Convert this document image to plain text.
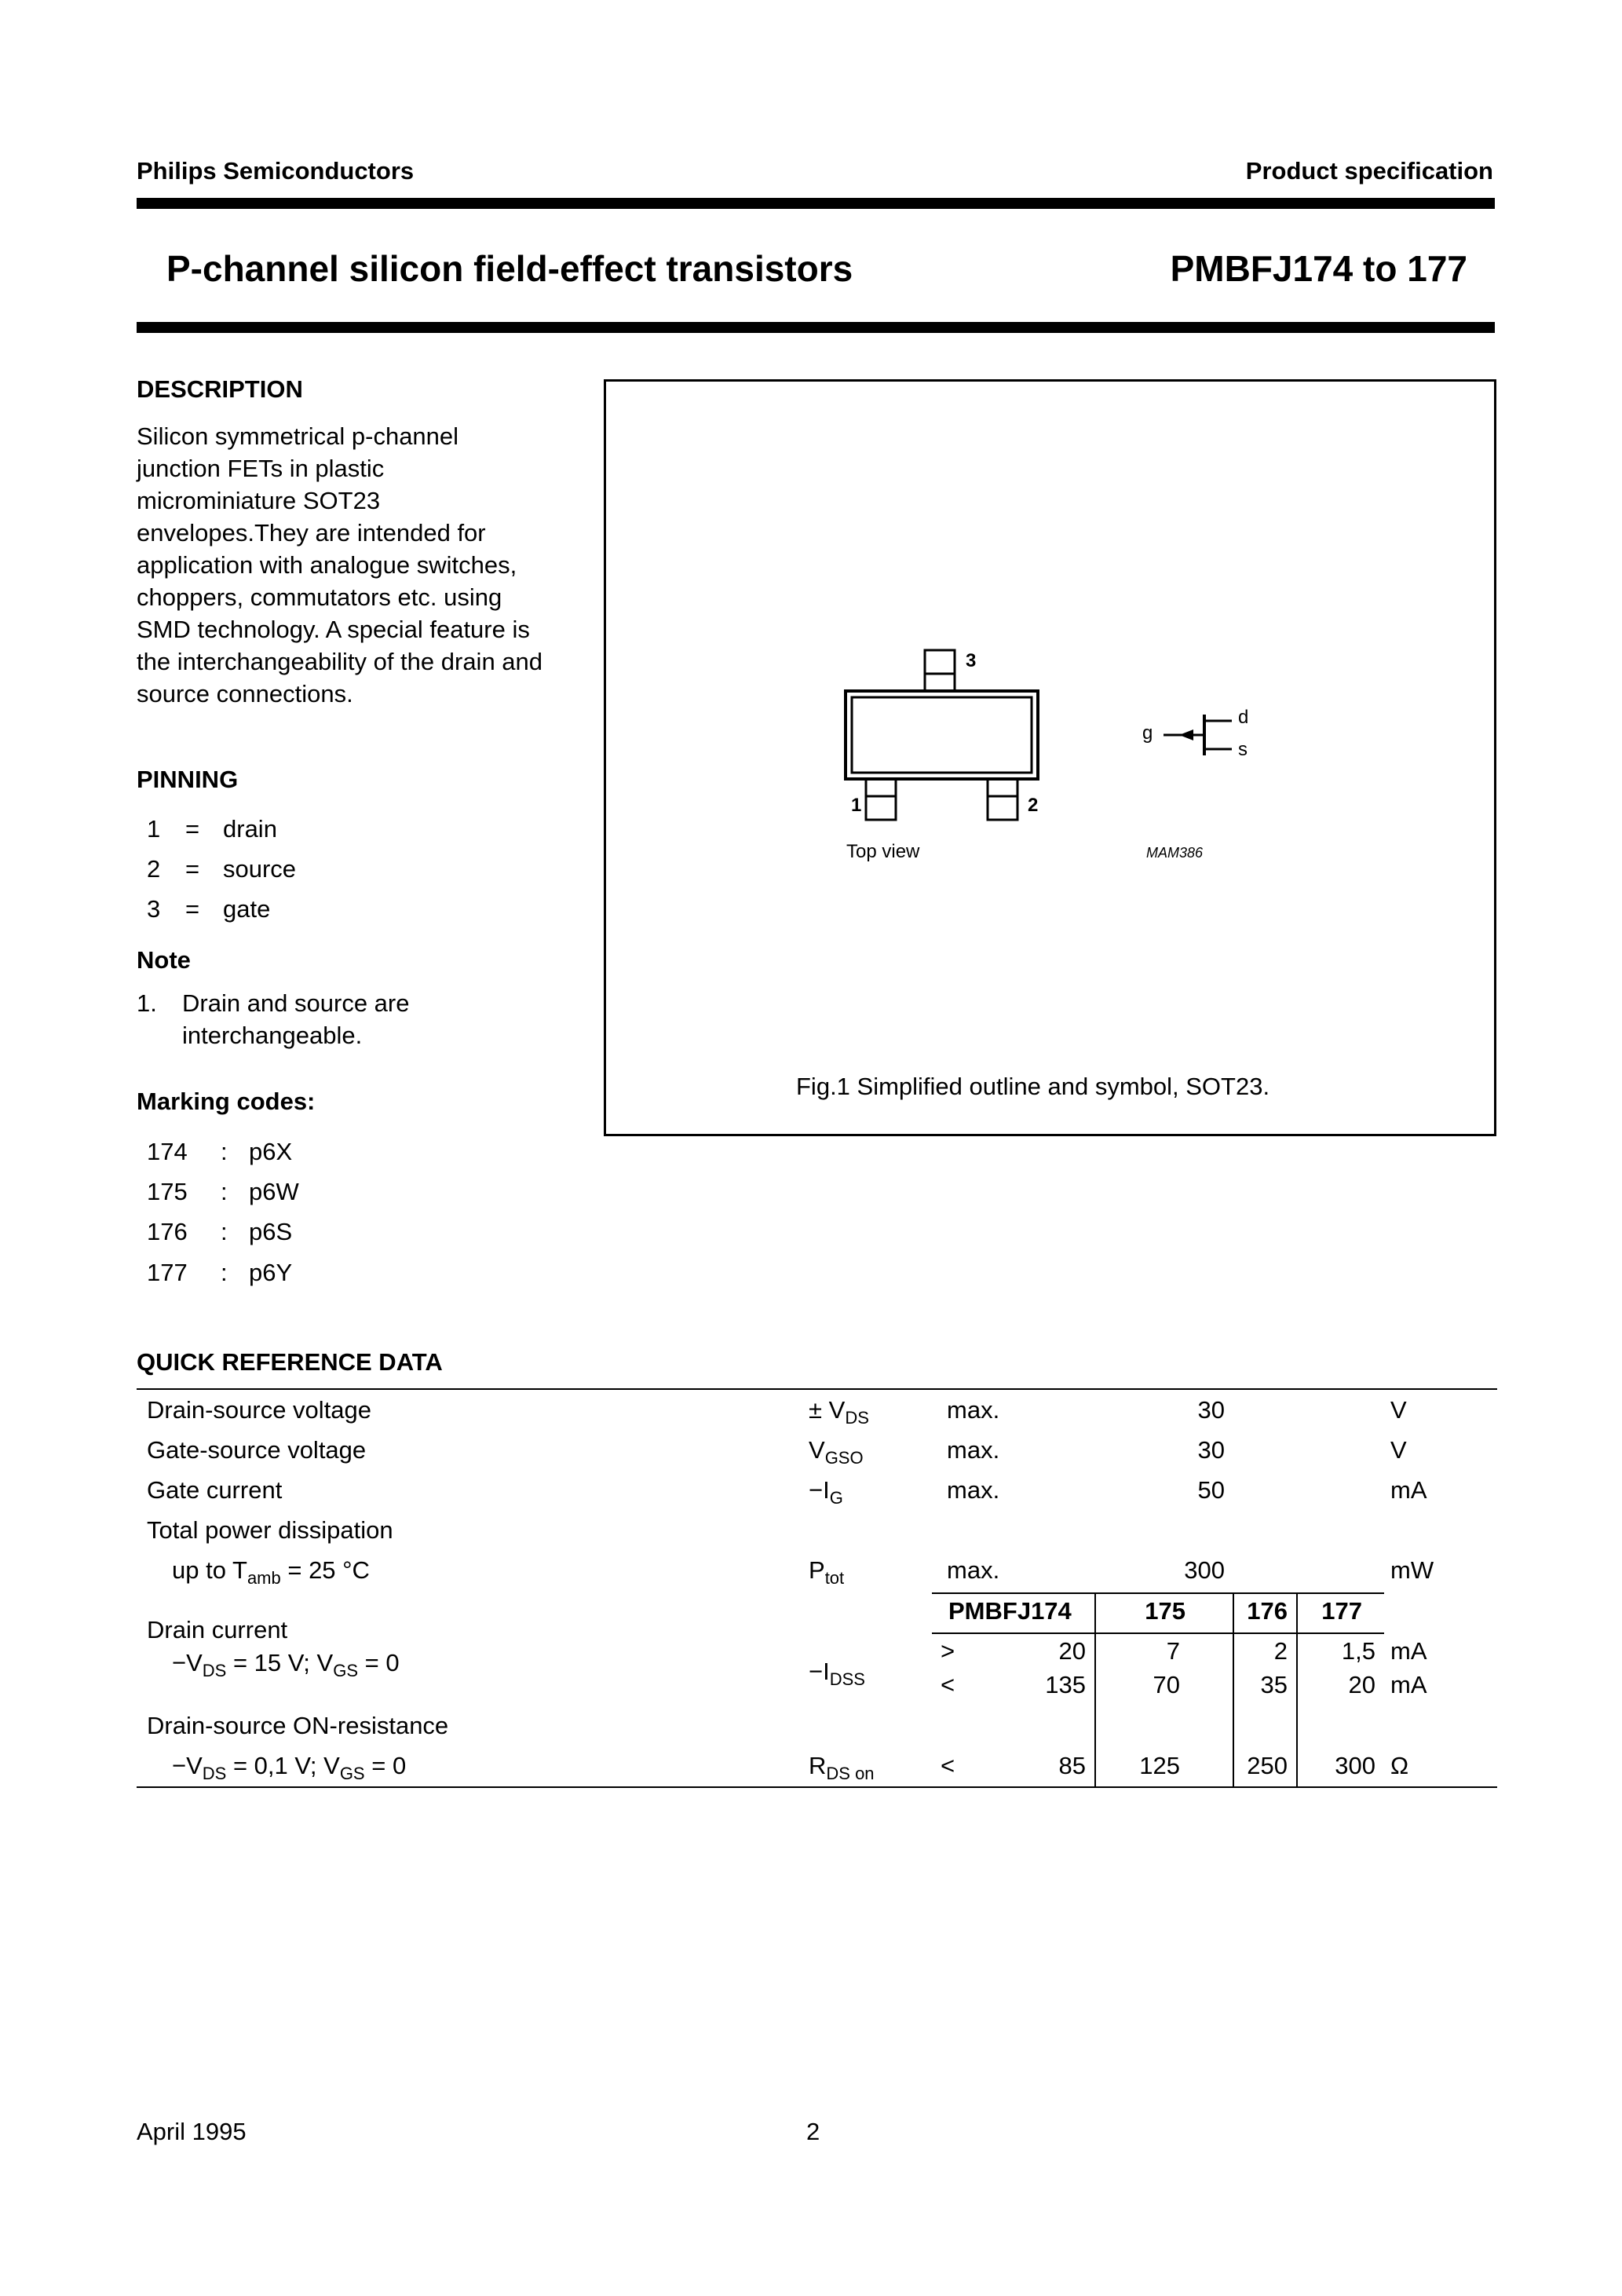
Philips Semiconductors	Product specification
P-channel silicon field-effect transistors	PMBFJ174 to 177
DESCRIPTION
Silicon symmetrical p-channel
junction FETs in plastic
microminiature SOT23
envelopes.They are intended for
application with analogue switches,
choppers, commutators etc. using
SMD technology. A special feature is
the interchangeability of the drain and
source connections.
PINNING
1 = drain
2 = source
3 = gate
Note
1. Drain and source are
interchangeable.
Marking codes:
174 : p6X
175 : p6W
176 : p6S
177 : p6Y
3
1	2
Top view
g
d
s
MAM386
Fig.1 Simplified outline and symbol, SOT23.
QUICK REFERENCE DATA
Drain-source voltage	± $V_{DS}$	max.	30	V
Gate-source voltage	$V_{GSO}$	max.	30	V
Gate current	$-I_G$	max.	50	mA
Total power dissipation
up to $T_{amb} = 25$ °C	$P_{tot}$	max.	300	mW
PMBFJ174	175	176	177
Drain current
$-V_{DS} = 15$ V; $V_{GS} = 0$	$-I_{DSS}$
>	20	7	2	1,5 mA
<	135	70	35	20 mA
Drain-source ON-resistance
$-V_{DS} = 0,1$ V; $V_{GS} = 0$	$R_{DS on}$	<	85	125	250	300 Ω
April 1995	2
